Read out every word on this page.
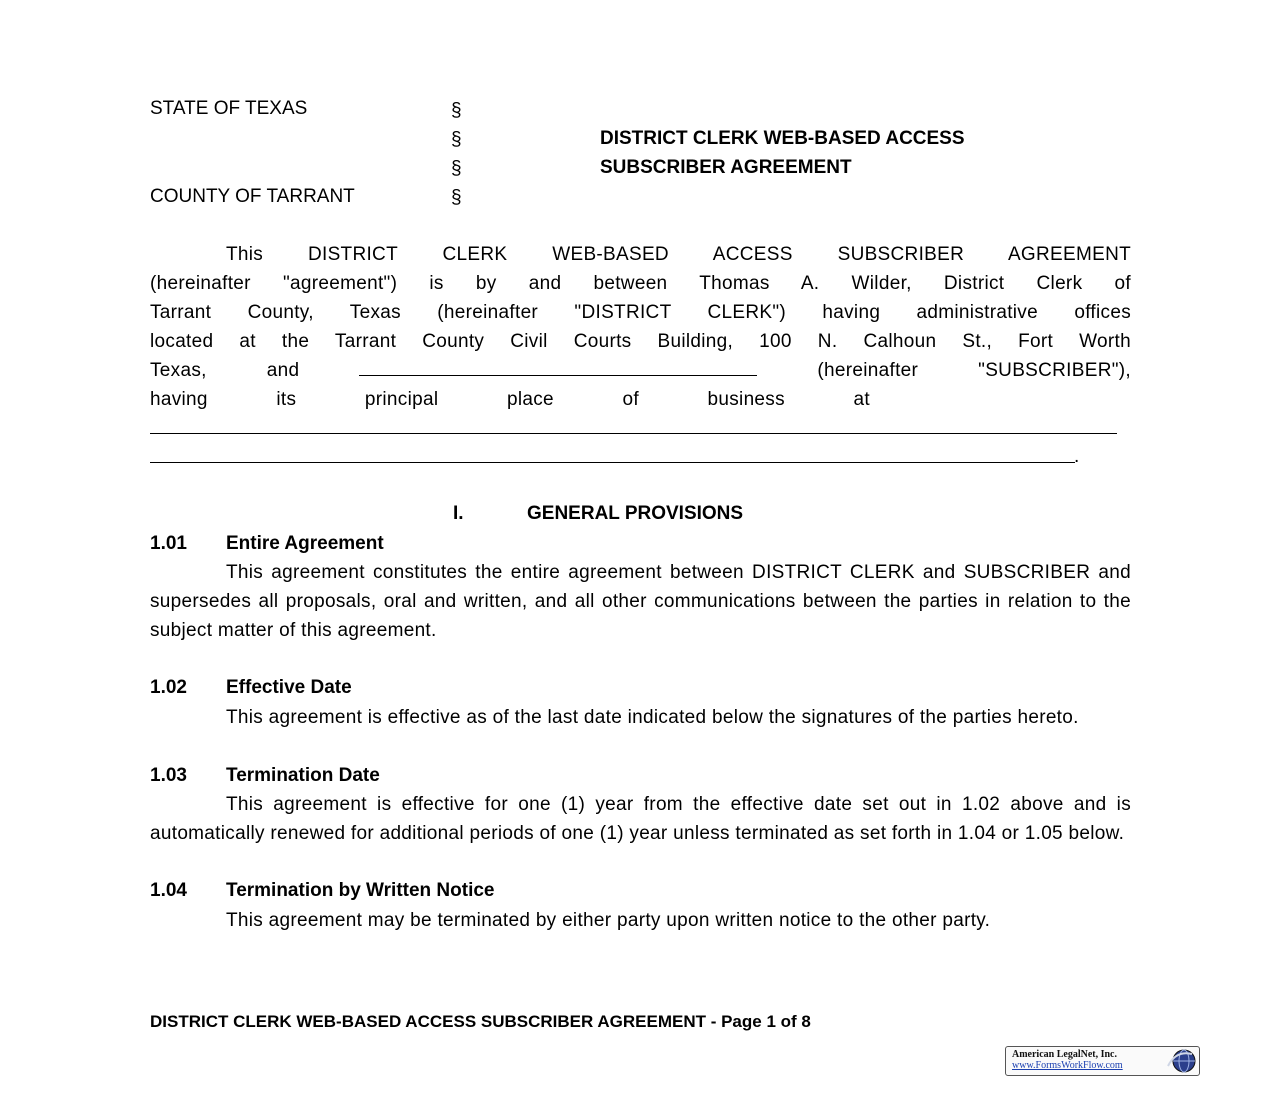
STATE OF TEXAS	§
§	DISTRICT CLERK WEB-BASED ACCESS
§	SUBSCRIBER AGREEMENT
COUNTY OF TARRANT	§
This DISTRICT CLERK WEB-BASED ACCESS SUBSCRIBER AGREEMENT
(hereinafter "agreement") is by and between Thomas A. Wilder, District Clerk of
Tarrant County, Texas (hereinafter "DISTRICT CLERK") having administrative offices
located at the Tarrant County Civil Courts Building, 100 N. Calhoun St., Fort Worth
Texas,	and	(hereinafter	"SUBSCRIBER"),
having	its	principal	place	of	business	at
.
I.	GENERAL PROVISIONS
1.01 Entire Agreement
This agreement constitutes the entire agreement between DISTRICT CLERK and SUBSCRIBER and supersedes all proposals, oral and written, and all other communications between the parties in relation to the subject matter of this agreement.
1.02 Effective Date
This agreement is effective as of the last date indicated below the signatures of the parties hereto.
1.03 Termination Date
This agreement is effective for one (1) year from the effective date set out in 1.02 above and is automatically renewed for additional periods of one (1) year unless terminated as set forth in 1.04 or 1.05 below.
1.04 Termination by Written Notice
This agreement may be terminated by either party upon written notice to the other party.
DISTRICT CLERK WEB-BASED ACCESS SUBSCRIBER AGREEMENT - Page 1 of 8
American LegalNet, Inc.
www.FormsWorkFlow.com
